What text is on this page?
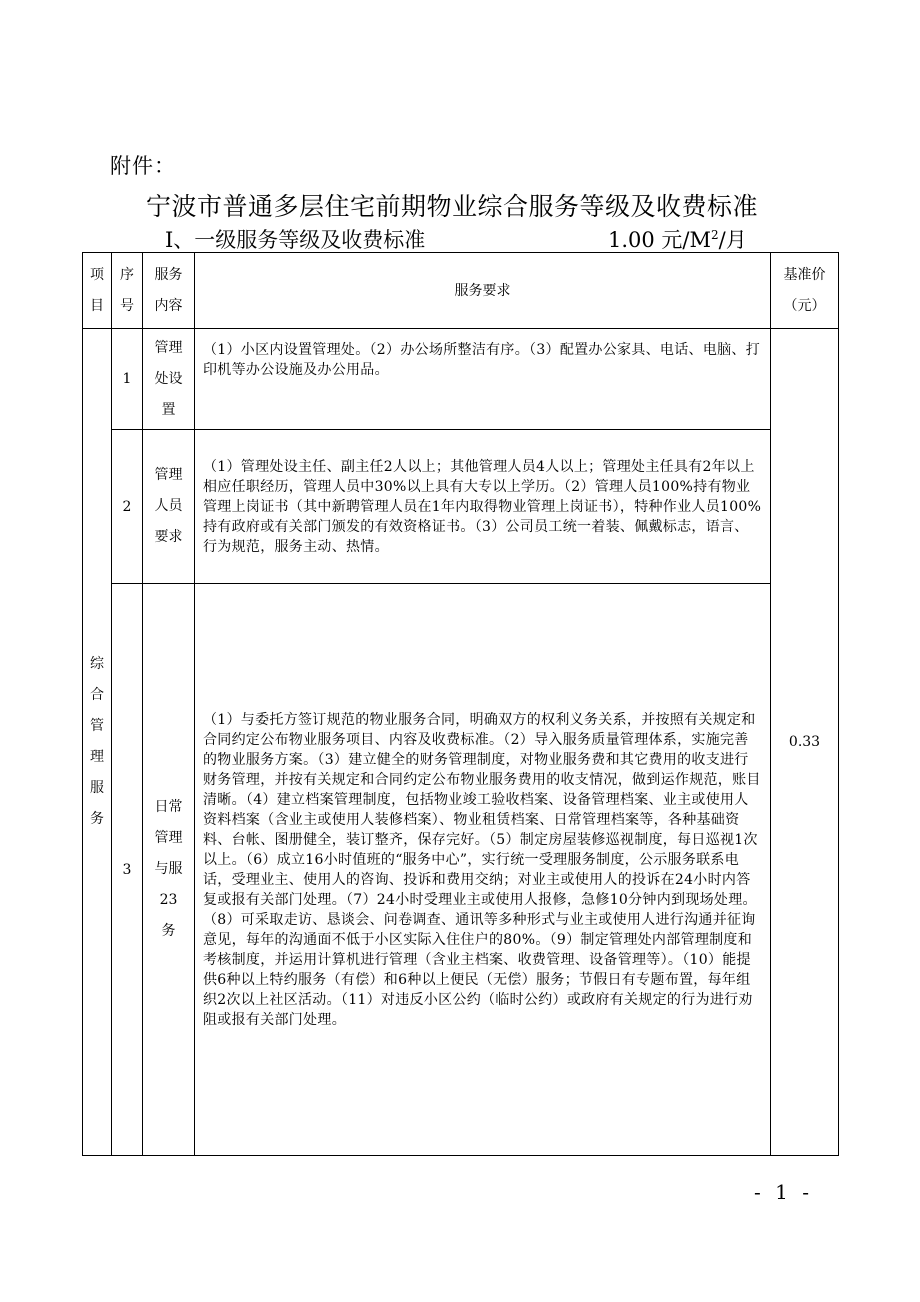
附件：
宁波市普通多层住宅前期物业综合服务等级及收费标准
Ⅰ、一级服务等级及收费标准	1.00 元$/M^2/$月
项目	序号	服务内容	服务要求	基准价（元）

综合管理服务	1	管理处设置	（1）小区内设置管理处。（2）办公场所整洁有序。（3）配置办公家具、电话、电脑、打印机等办公设施及办公用品。	0.33
	2	管理人员要求	（1）管理处设主任、副主任2人以上；其他管理人员4人以上；管理处主任具有2年以上相应任职经历，管理人员中30%以上具有大专以上学历。（2）管理人员100%持有物业管理上岗证书（其中新聘管理人员在1年内取得物业管理上岗证书），特种作业人员100%持有政府或有关部门颁发的有效资格证书。（3）公司员工统一着装、佩戴标志，语言、行为规范，服务主动、热情。	
	3	日常管理与服23务	（1）与委托方签订规范的物业服务合同，明确双方的权利义务关系，并按照有关规定和合同约定公布物业服务项目、内容及收费标准。（2）导入服务质量管理体系，实施完善的物业服务方案。（3）建立健全的财务管理制度，对物业服务费和其它费用的收支进行财务管理，并按有关规定和合同约定公布物业服务费用的收支情况，做到运作规范，账目清晰。（4）建立档案管理制度，包括物业竣工验收档案、设备管理档案、业主或使用人资料档案（含业主或使用人装修档案）、物业租赁档案、日常管理档案等，各种基础资料、台帐、图册健全，装订整齐，保存完好。（5）制定房屋装修巡视制度，每日巡视1次以上。（6）成立16小时值班的“服务中心”，实行统一受理服务制度，公示服务联系电话，受理业主、使用人的咨询、投诉和费用交纳；对业主或使用人的投诉在24小时内答复或报有关部门处理。（7）24小时受理业主或使用人报修，急修10分钟内到现场处理。（8）可采取走访、恳谈会、问卷调查、通讯等多种形式与业主或使用人进行沟通并征询意见，每年的沟通面不低于小区实际入住住户的80%。（9）制定管理处内部管理制度和考核制度，并运用计算机进行管理（含业主档案、收费管理、设备管理等）。（10）能提供6种以上特约服务（有偿）和6种以上便民（无偿）服务；节假日有专题布置，每年组织2次以上社区活动。（11）对违反小区公约（临时公约）或政府有关规定的行为进行劝阻或报有关部门处理。	
- 1 -
